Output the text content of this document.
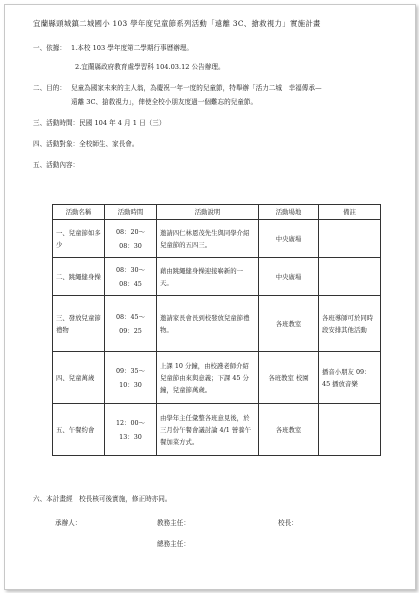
宜蘭縣頭城鎮二城國小 103 學年度兒童節系列活動「遠離 3C、搶救視力」實施計畫
一、依據： 1.本校 103 學年度第二學期行事曆辦理。
2.宜蘭縣政府教育處學習科 104.03.12 公告辦理。
二、目的： 兒童為國家未來的主人翁，為慶祝一年一度的兒童節，特舉辦「活力二城　幸福傳承—
遠離 3C、搶救視力」，俾使全校小朋友度過一個難忘的兒童節。
三、活動時間：民國 104 年 4 月 1 日（三）
四、活動對象：全校師生、家長會。
五、活動內容：
活動名稱	活動時間	活動說明	活動場地	備註
一、兒童節如多少	08：20～
08：30	邀請四仁林恩茂先生與同學介紹兒童節的五四三。	中央廣場	
二、跳繩健身操	08：30～
08：45	藉由跳繩健身操迎接嶄新的一天。	中央廣場	
三、發放兒童節禮物	08：45～
09：25	邀請家長會長到校發放兒童節禮物。	各班教室	各班導師可於同時段安排其他活動
四、兒童萬歲	09：35～
10：30	上課 10 分鐘，由校護老師介紹兒童節由來與意義；下課 45 分鐘，兒童節萬歲。	各班教室 校園	播音小朋友 09：45 播放音樂
五、午餐約會	12：00～
13：30	由學年主任彙整各班意見後，於三月份午餐會議討論 4/1 營養午餐加菜方式。	各班教室	
六、本計畫經　校長核可後實施，修正時亦同。
承辦人：	教務主任：	校長：
總務主任：
